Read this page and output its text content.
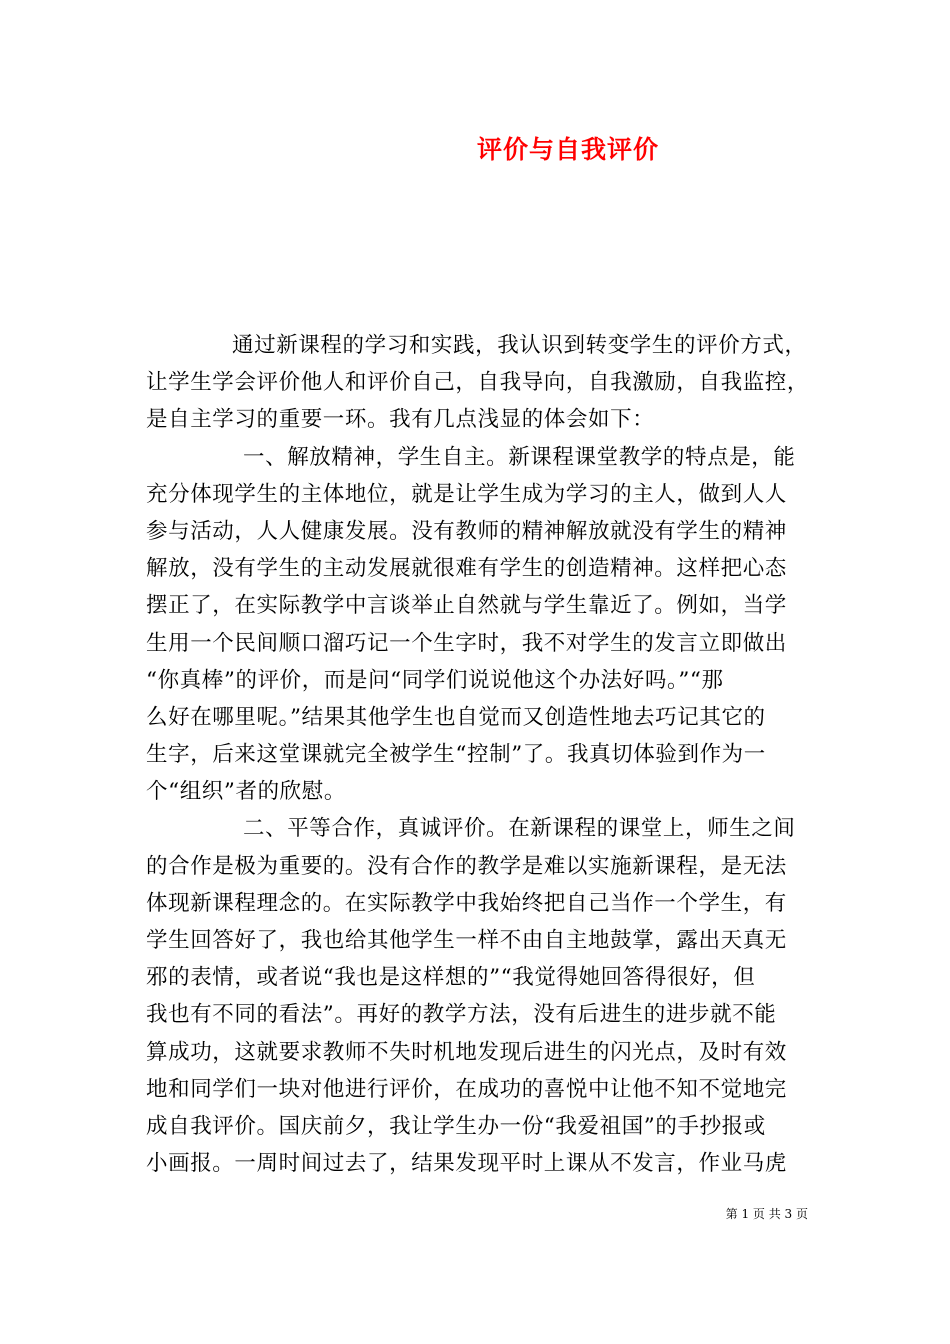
评价与自我评价
通过新课程的学习和实践，我认识到转变学生的评价方式，
让学生学会评价他人和评价自己，自我导向，自我激励，自我监控，
是自主学习的重要一环。我有几点浅显的体会如下：
一、解放精神，学生自主。新课程课堂教学的特点是，能
充分体现学生的主体地位，就是让学生成为学习的主人，做到人人
参与活动，人人健康发展。没有教师的精神解放就没有学生的精神
解放，没有学生的主动发展就很难有学生的创造精神。这样把心态
摆正了，在实际教学中言谈举止自然就与学生靠近了。例如，当学
生用一个民间顺口溜巧记一个生字时，我不对学生的发言立即做出
“你真棒”的评价，而是问“同学们说说他这个办法好吗。”“那
么好在哪里呢。”结果其他学生也自觉而又创造性地去巧记其它的
生字，后来这堂课就完全被学生“控制”了。我真切体验到作为一
个“组织”者的欣慰。
二、平等合作，真诚评价。在新课程的课堂上，师生之间
的合作是极为重要的。没有合作的教学是难以实施新课程，是无法
体现新课程理念的。在实际教学中我始终把自己当作一个学生，有
学生回答好了，我也给其他学生一样不由自主地鼓掌，露出天真无
邪的表情，或者说“我也是这样想的”“我觉得她回答得很好，但
我也有不同的看法”。再好的教学方法，没有后进生的进步就不能
算成功，这就要求教师不失时机地发现后进生的闪光点，及时有效
地和同学们一块对他进行评价，在成功的喜悦中让他不知不觉地完
成自我评价。国庆前夕，我让学生办一份“我爱祖国”的手抄报或
小画报。一周时间过去了，结果发现平时上课从不发言，作业马虎
第 1 页 共 3 页
